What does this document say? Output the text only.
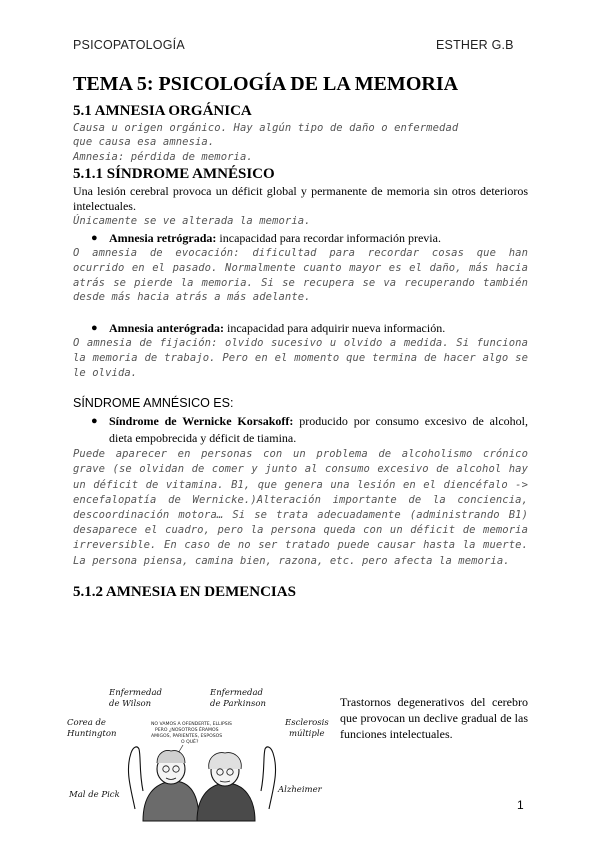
PSICOPATOLOGÍA	ESTHER G.B
TEMA 5: PSICOLOGÍA DE LA MEMORIA
5.1 AMNESIA ORGÁNICA

Causa u origen orgánico. Hay algún tipo de daño o enfermedad

que causa esa amnesia.

Amnesia: pérdida de memoria.

5.1.1 SÍNDROME AMNÉSICO

Una lesión cerebral provoca un déficit global y permanente de memoria sin otros deterioros intelectuales.

Únicamente se ve alterada la memoria.

● Amnesia retrógrada: incapacidad para recordar información previa.

O amnesia de evocación: dificultad para recordar cosas que han ocurrido en el pasado. Normalmente cuanto mayor es el daño, más hacia atrás se pierde la memoria. Si se recupera se va recuperando también desde más hacia atrás a más adelante.

● Amnesia anterógrada: incapacidad para adquirir nueva información.

O amnesia de fijación: olvido sucesivo u olvido a medida. Si funciona la memoria de trabajo. Pero en el momento que termina de hacer algo se le olvida.

SÍNDROME AMNÉSICO ES:

● Síndrome de Wernicke Korsakoff: producido por consumo excesivo de alcohol, dieta empobrecida y déficit de tiamina.

Puede aparecer en personas con un problema de alcoholismo crónico grave (se olvidan de comer y junto al consumo excesivo de alcohol hay un déficit de vitamina. B1, que genera una lesión en el diencéfalo -> encefalopatía de Wernicke.)Alteración importante de la conciencia, descoordinación motora… Si se trata adecuadamente (administrando B1) desaparece el cuadro, pero la persona queda con un déficit de memoria irreversible. En caso de no ser tratado puede causar hasta la muerte. La persona piensa, camina bien, razona, etc. pero afecta la memoria.

5.1.2 AMNESIA EN DEMENCIAS
Enfermedad
de Wilson
Enfermedad
de Parkinson
Corea de
Huntington
Esclerosis
múltiple
Mal de Pick	Alzheimer
NO VAMOS A OFENDERTE, ELLIPSIS
PERO ¿NOSOTROS ÉRAMOS
AMIGOS, PARIENTES, ESPOSOS
O QUÉ?
Trastornos degenerativos del cerebro que provocan un declive gradual de las funciones intelectuales.
1
